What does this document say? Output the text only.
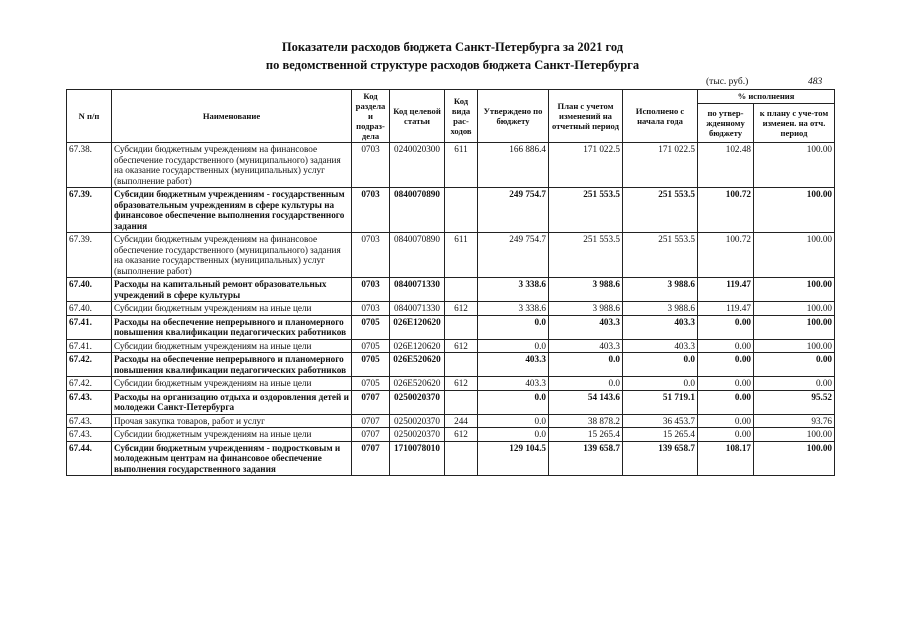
Показатели расходов бюджета Санкт-Петербурга за 2021 год
по ведомственной структуре расходов бюджета Санкт-Петербурга
(тыс. руб.)	483
N п/п	Наименование	Код раздела и подраз-дела	Код целевой статьи	Код вида рас-ходов	Утверждено по бюджету	План с учетом изменений на отчетный период	Исполнено с начала года	% исполнения	
								по утвер-жденному бюджету	к плану с уче-том изменен. на отч. период
67.38.	Субсидии бюджетным учреждениям на финансовое обеспечение государственного (муниципального) задания на оказание государственных (муниципальных) услуг (выполнение работ)	0703	0240020300	611	166 886.4	171 022.5	171 022.5	102.48	100.00
67.39.	Субсидии бюджетным учреждениям - государственным образовательным учреждениям в сфере культуры на финансовое обеспечение выполнения государственного задания	0703	0840070890		249 754.7	251 553.5	251 553.5	100.72	100.00
67.39.	Субсидии бюджетным учреждениям на финансовое обеспечение государственного (муниципального) задания на оказание государственных (муниципальных) услуг (выполнение работ)	0703	0840070890	611	249 754.7	251 553.5	251 553.5	100.72	100.00
67.40.	Расходы на капитальный ремонт образовательных учреждений в сфере культуры	0703	0840071330		3 338.6	3 988.6	3 988.6	119.47	100.00
67.40.	Субсидии бюджетным учреждениям на иные цели	0703	0840071330	612	3 338.6	3 988.6	3 988.6	119.47	100.00
67.41.	Расходы на обеспечение непрерывного и планомерного повышения квалификации педагогических работников	0705	026E120620		0.0	403.3	403.3	0.00	100.00
67.41.	Субсидии бюджетным учреждениям на иные цели	0705	026E120620	612	0.0	403.3	403.3	0.00	100.00
67.42.	Расходы на обеспечение непрерывного и планомерного повышения квалификации педагогических работников	0705	026E520620		403.3	0.0	0.0	0.00	0.00
67.42.	Субсидии бюджетным учреждениям на иные цели	0705	026E520620	612	403.3	0.0	0.0	0.00	0.00
67.43.	Расходы на организацию отдыха и оздоровления детей и молодежи Санкт-Петербурга	0707	0250020370		0.0	54 143.6	51 719.1	0.00	95.52
67.43.	Прочая закупка товаров, работ и услуг	0707	0250020370	244	0.0	38 878.2	36 453.7	0.00	93.76
67.43.	Субсидии бюджетным учреждениям на иные цели	0707	0250020370	612	0.0	15 265.4	15 265.4	0.00	100.00
67.44.	Субсидии бюджетным учреждениям - подростковым и молодежным центрам на финансовое обеспечение выполнения государственного задания	0707	1710078010		129 104.5	139 658.7	139 658.7	108.17	100.00
